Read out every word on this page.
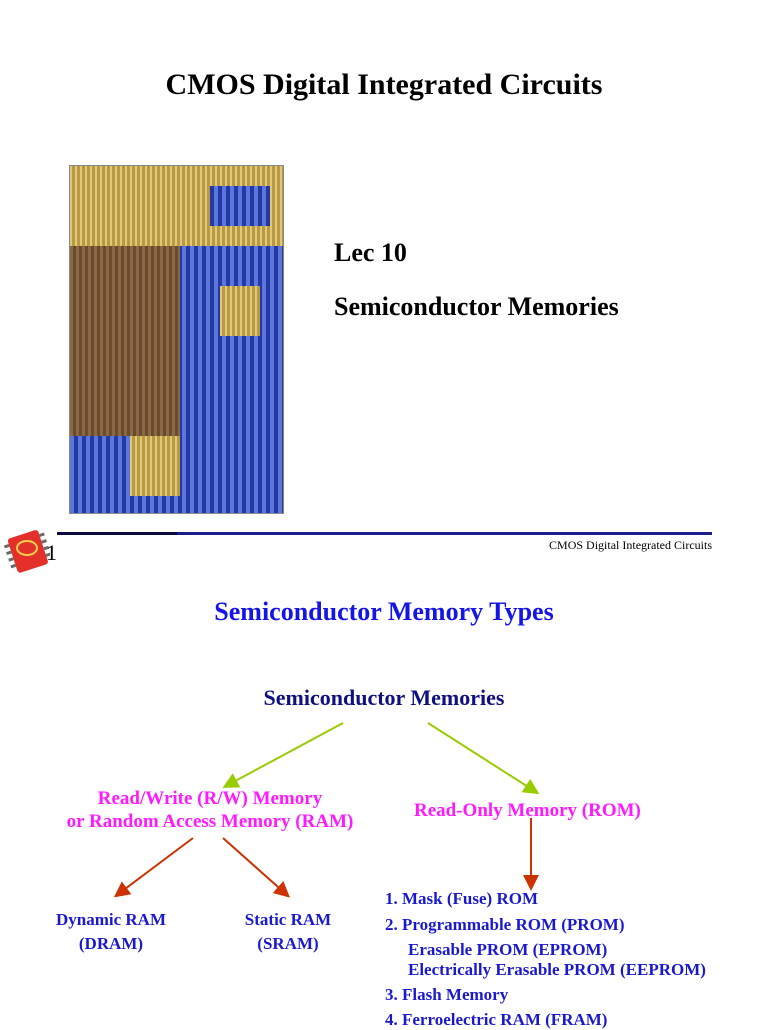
CMOS Digital Integrated Circuits
Lec 10
Semiconductor Memories
1	CMOS Digital Integrated Circuits
Semiconductor Memory Types
Semiconductor Memories
Read/Write (R/W) Memory
or Random Access Memory (RAM)
Read-Only Memory (ROM)
Dynamic RAM
(DRAM)
Static RAM
(SRAM)
1. Mask (Fuse) ROM
2. Programmable ROM (PROM)
Erasable PROM (EPROM)
Electrically Erasable PROM (EEPROM)
3. Flash Memory
4. Ferroelectric RAM (FRAM)
